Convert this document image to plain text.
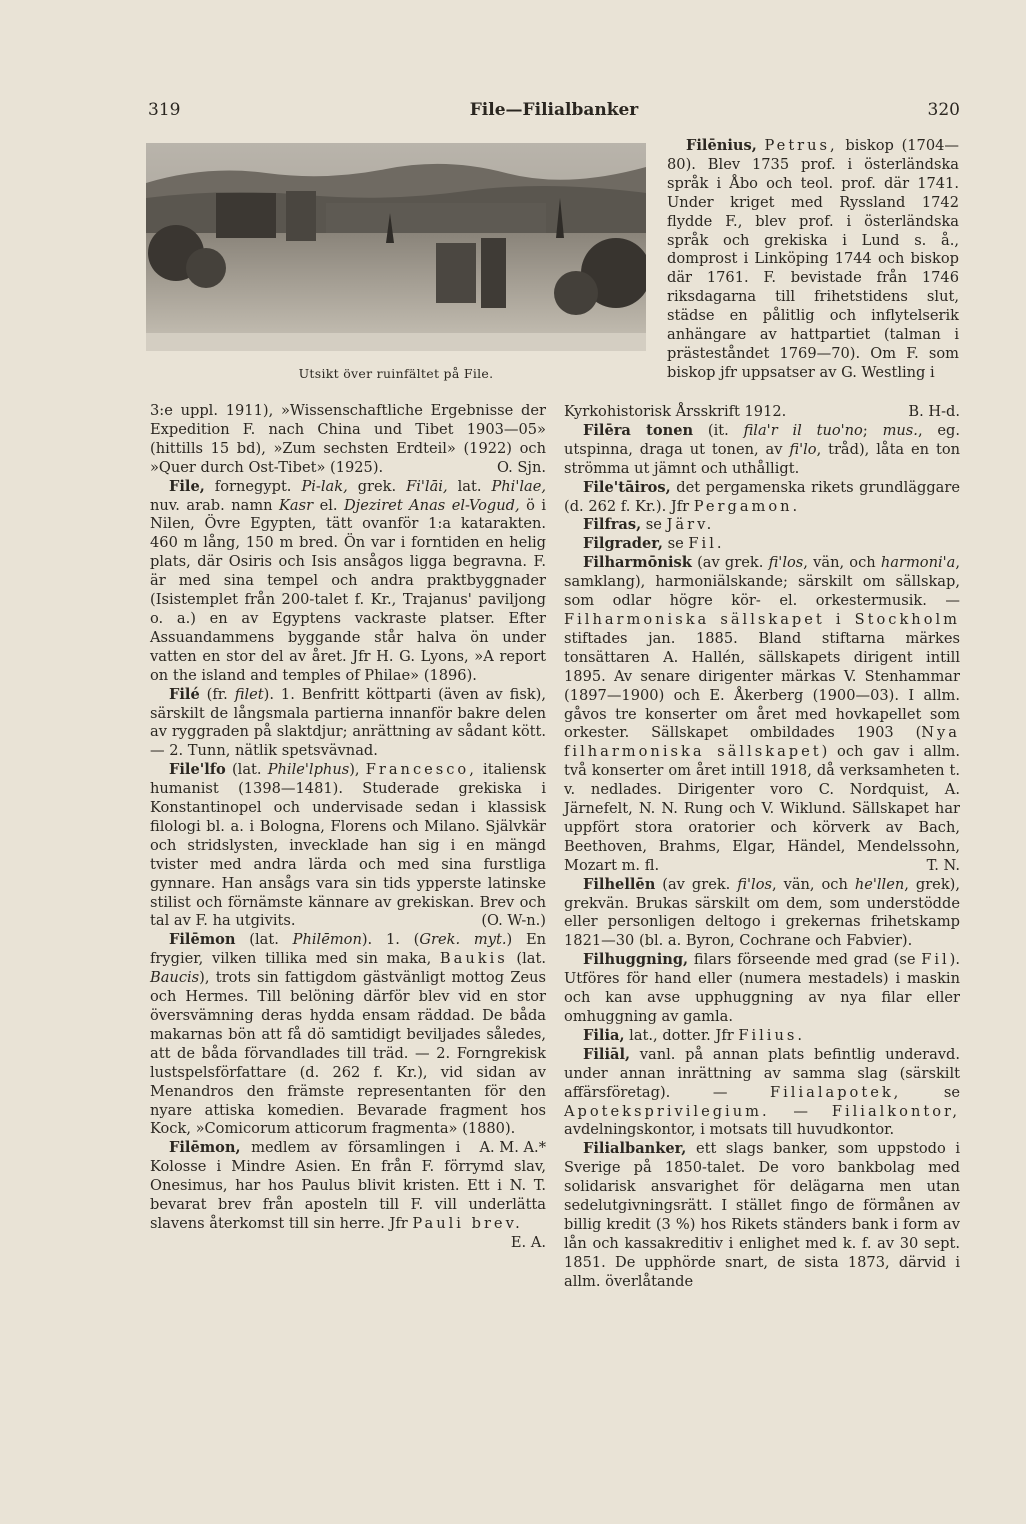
319	File—Filialbanker	320
Utsikt över ruinfältet på File.

Filēnius, Petrus, biskop (1704—80). Blev 1735 prof. i österländska språk i Åbo och teol. prof. där 1741. Under kriget med Ryssland 1742 flydde F., blev prof. i österländska språk och grekiska i Lund s. å., domprost i Linköping 1744 och biskop där 1761. F. bevistade från 1746 riksdagarna till frihetstidens slut, städse en pålitlig och inflytelserik anhängare av hattpartiet (talman i prästeståndet 1769—70). Om F. som biskop jfr uppsatser av G. Westling i

3:e uppl. 1911), »Wissenschaftliche Ergebnisse der Expedition F. nach China und Tibet 1903—05» (hittills 15 bd), »Zum sechsten Erdteil» (1922) och »Quer durch Ost-Tibet» (1925).	O. Sjn.

File, fornegypt. Pi-lak, grek. Fi'lāi, lat. Phi'lae, nuv. arab. namn Kasr el. Djeziret Anas el-Vogud, ö i Nilen, Övre Egypten, tätt ovanför 1:a katarakten. 460 m lång, 150 m bred. Ön var i forntiden en helig plats, där Osiris och Isis ansågos ligga begravna. F. är med sina tempel och andra praktbyggnader (Isistemplet från 200-talet f. Kr., Trajanus' paviljong o. a.) en av Egyptens vackraste platser. Efter Assuandammens byggande står halva ön under vatten en stor del av året. Jfr H. G. Lyons, »A report on the island and temples of Philae» (1896).

Filé (fr. filet). 1. Benfritt köttparti (även av fisk), särskilt de långsmala partierna innanför bakre delen av ryggraden på slaktdjur; anrättning av sådant kött. — 2. Tunn, nätlik spetsvävnad.

File'lfo (lat. Phile'lphus), Francesco, italiensk humanist (1398—1481). Studerade grekiska i Konstantinopel och undervisade sedan i klassisk filologi bl. a. i Bologna, Florens och Milano. Självkär och stridslysten, invecklade han sig i en mängd tvister med andra lärda och med sina furstliga gynnare. Han ansågs vara sin tids ypperste latinske stilist och förnämste kännare av grekiskan. Brev och tal av F. ha utgivits.	(O. W-n.)

Filēmon (lat. Philēmon). 1. (Grek. myt.) En frygier, vilken tillika med sin maka, Baukis (lat. Baucis), trots sin fattigdom gästvänligt mottog Zeus och Hermes. Till belöning därför blev vid en stor översvämning deras hydda ensam räddad. De båda makarnas bön att få dö samtidigt beviljades således, att de båda förvandlades till träd. — 2. Forngrekisk lustspelsförfattare (d. 262 f. Kr.), vid sidan av Menandros den främste representanten för den nyare attiska komedien. Bevarade fragment hos Kock, »Comicorum atticorum fragmenta» (1880).
A. M. A.*

Filēmon, medlem av församlingen i Kolosse i Mindre Asien. En från F. förrymd slav, Onesimus, har hos Paulus blivit kristen. Ett i N. T. bevarat brev från aposteln till F. vill underlätta slavens återkomst till sin herre. Jfr Pauli brev.
E. A.

Kyrkohistorisk Årsskrift 1912.	B. H-d.

Filēra tonen (it. fila'r il tuo'no; mus., eg. utspinna, draga ut tonen, av fi'lo, tråd), låta en ton strömma ut jämnt och uthålligt.

File'tāiros, det pergamenska rikets grundläggare (d. 262 f. Kr.). Jfr Pergamon.

Filfras, se Järv.

Filgrader, se Fil.

Filharmōnisk (av grek. fi'los, vän, och harmoni'a, samklang), harmoniälskande; särskilt om sällskap, som odlar högre kör- el. orkestermusik. — Filharmoniska sällskapet i Stockholm stiftades jan. 1885. Bland stiftarna märkes tonsättaren A. Hallén, sällskapets dirigent intill 1895. Av senare dirigenter märkas V. Stenhammar (1897—1900) och E. Åkerberg (1900—03). I allm. gåvos tre konserter om året med hovkapellet som orkester. Sällskapet ombildades 1903 (Nya filharmoniska sällskapet) och gav i allm. två konserter om året intill 1918, då verksamheten t. v. nedlades. Dirigenter voro C. Nordquist, A. Järnefelt, N. N. Rung och V. Wiklund. Sällskapet har uppfört stora oratorier och körverk av Bach, Beethoven, Brahms, Elgar, Händel, Mendelssohn, Mozart m. fl.	T. N.

Filhellēn (av grek. fi'los, vän, och he'llen, grek), grekvän. Brukas särskilt om dem, som understödde eller personligen deltogo i grekernas frihetskamp 1821—30 (bl. a. Byron, Cochrane och Fabvier).

Filhuggning, filars förseende med grad (se Fil). Utföres för hand eller (numera mestadels) i maskin och kan avse upphuggning av nya filar eller omhuggning av gamla.

Filia, lat., dotter. Jfr Filius.

Filiāl, vanl. på annan plats befintlig underavd. under annan inrättning av samma slag (särskilt affärsföretag). — Filialapotek, se Apoteksprivilegium. — Filialkontor, avdelningskontor, i motsats till huvudkontor.

Filialbanker, ett slags banker, som uppstodo i Sverige på 1850-talet. De voro bankbolag med solidarisk ansvarighet för delägarna men utan sedelutgivningsrätt. I stället fingo de förmånen av billig kredit (3 %) hos Rikets ständers bank i form av lån och kassakreditiv i enlighet med k. f. av 30 sept. 1851. De upphörde snart, de sista 1873, därvid i allm. överlåtande
